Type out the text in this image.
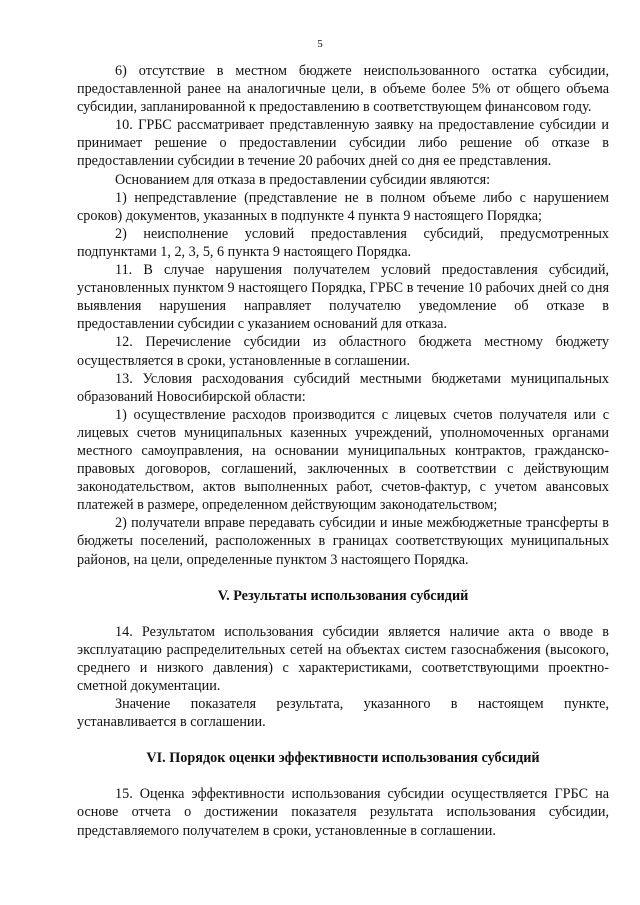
5

6) отсутствие в местном бюджете неиспользованного остатка субсидии, предоставленной ранее на аналогичные цели, в объеме более 5% от общего объема субсидии, запланированной к предоставлению в соответствующем финансовом году.

10. ГРБС рассматривает представленную заявку на предоставление субсидии и принимает решение о предоставлении субсидии либо решение об отказе в предоставлении субсидии в течение 20 рабочих дней со дня ее представления.

Основанием для отказа в предоставлении субсидии являются:

1) непредставление (представление не в полном объеме либо с нарушением сроков) документов, указанных в подпункте 4 пункта 9 настоящего Порядка;

2) неисполнение условий предоставления субсидий, предусмотренных подпунктами 1, 2, 3, 5, 6 пункта 9 настоящего Порядка.

11. В случае нарушения получателем условий предоставления субсидий, установленных пунктом 9 настоящего Порядка, ГРБС в течение 10 рабочих дней со дня выявления нарушения направляет получателю уведомление об отказе в предоставлении субсидии с указанием оснований для отказа.

12. Перечисление субсидии из областного бюджета местному бюджету осуществляется в сроки, установленные в соглашении.

13. Условия расходования субсидий местными бюджетами муниципальных образований Новосибирской области:

1) осуществление расходов производится с лицевых счетов получателя или с лицевых счетов муниципальных казенных учреждений, уполномоченных органами местного самоуправления, на основании муниципальных контрактов, гражданско-правовых договоров, соглашений, заключенных в соответствии с действующим законодательством, актов выполненных работ, счетов-фактур, с учетом авансовых платежей в размере, определенном действующим законодательством;

2) получатели вправе передавать субсидии и иные межбюджетные трансферты в бюджеты поселений, расположенных в границах соответствующих муниципальных районов, на цели, определенные пунктом 3 настоящего Порядка.

V. Результаты использования субсидий

14. Результатом использования субсидии является наличие акта о вводе в эксплуатацию распределительных сетей на объектах систем газоснабжения (высокого, среднего и низкого давления) с характеристиками, соответствующими проектно-сметной документации.

Значение показателя результата, указанного в настоящем пункте, устанавливается в соглашении.

VI. Порядок оценки эффективности использования субсидий

15. Оценка эффективности использования субсидии осуществляется ГРБС на основе отчета о достижении показателя результата использования субсидии, представляемого получателем в сроки, установленные в соглашении.
